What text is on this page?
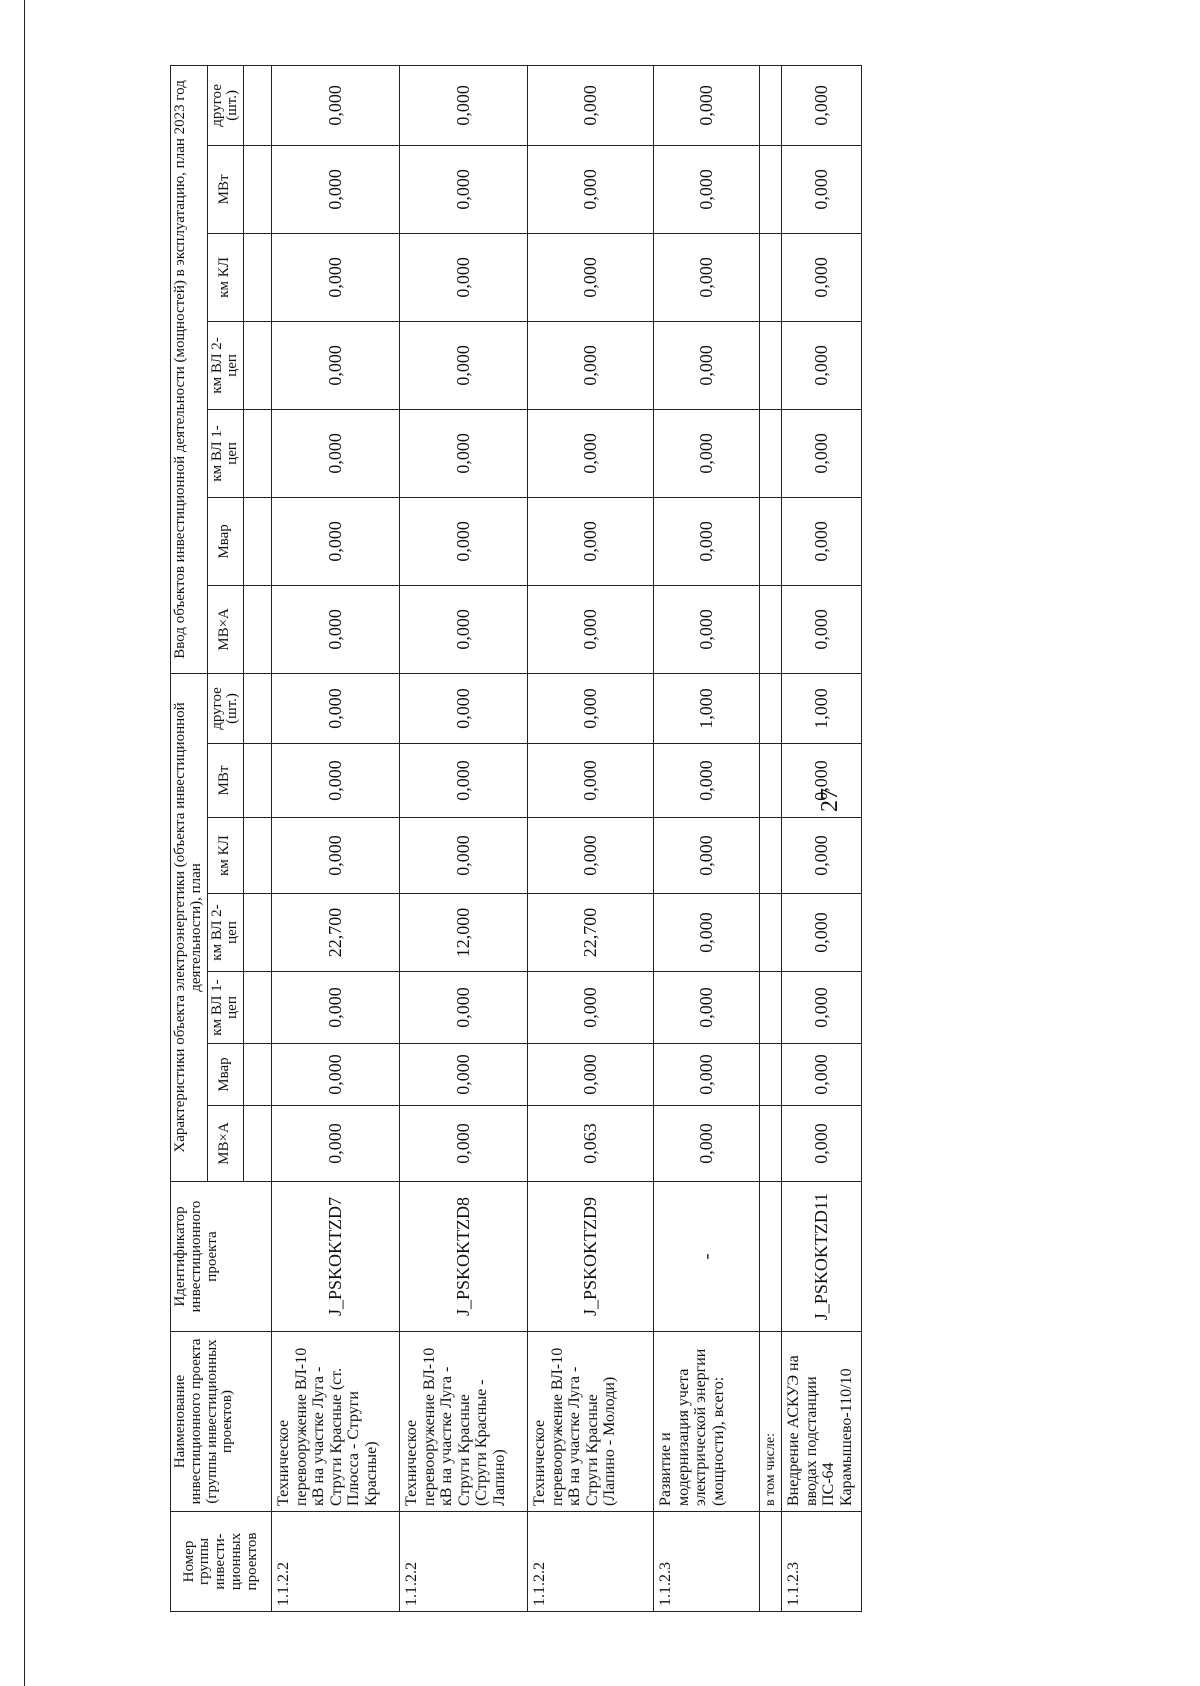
27
Номер группы инвести-ционных проектов	Наименование инвестиционного проекта (группы инвестиционных проектов)	Идентификатор инвестиционного проекта	Характеристики объекта электроэнергетики (объекта инвестиционной деятельности), план							Ввод объектов инвестиционной деятельности (мощностей) в эксплуатацию, план 2023 год						
			МВ×А	Мвар	км ВЛ 1-цеп	км ВЛ 2-цеп	км КЛ	МВт	другое (шт.)	МВ×А	Мвар	км ВЛ 1-цеп	км ВЛ 2-цеп	км КЛ	МВт	другое (шт.)

1.1.2.2	Техническое перевооружение ВЛ-10 кВ на участке Луга - Струги Красные (ст. Плюсса - Струги Красные)	J_PSKOKTZD7	0,000	0,000	0,000	22,700	0,000	0,000	0,000	0,000	0,000	0,000	0,000	0,000	0,000	0,000
1.1.2.2	Техническое перевооружение ВЛ-10 кВ на участке Луга - Струги Красные (Струги Красные - Лапино)	J_PSKOKTZD8	0,000	0,000	0,000	12,000	0,000	0,000	0,000	0,000	0,000	0,000	0,000	0,000	0,000	0,000
1.1.2.2	Техническое перевооружение ВЛ-10 кВ на участке Луга - Струги Красные (Лапино - Молоди)	J_PSKOKTZD9	0,063	0,000	0,000	22,700	0,000	0,000	0,000	0,000	0,000	0,000	0,000	0,000	0,000	0,000
1.1.2.3	Развитие и модернизация учета электрической энергии (мощности), всего:	-	0,000	0,000	0,000	0,000	0,000	0,000	1,000	0,000	0,000	0,000	0,000	0,000	0,000	0,000
	в том числе:															
1.1.2.3	Внедрение АСКУЭ на вводах подстанции ПС-64 Карамышево-110/10	J_PSKOKTZD11	0,000	0,000	0,000	0,000	0,000	0,000	1,000	0,000	0,000	0,000	0,000	0,000	0,000	0,000
